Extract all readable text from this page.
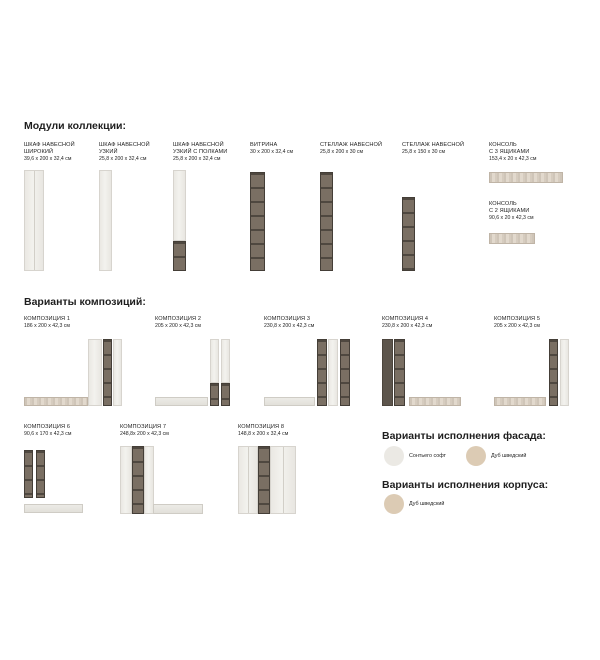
Модули коллекции:
ШКАФ НАВЕСНОЙ
ШИРОКИЙ
39,6 x 200 x 32,4 см
ШКАФ НАВЕСНОЙ
УЗКИЙ
25,8 x 200 x 32,4 см
ШКАФ НАВЕСНОЙ
УЗКИЙ С ПОЛКАМИ
25,8 x 200 x 32,4 см
ВИТРИНА
30 x 200 x 32,4 см
СТЕЛЛАЖ НАВЕСНОЙ
25,8 x 200 x 30 см
СТЕЛЛАЖ НАВЕСНОЙ
25,8 x 150 x 30 см
КОНСОЛЬ
С 3 ЯЩИКАМИ
153,4 x 20 x 42,3 см
КОНСОЛЬ
С 2 ЯЩИКАМИ
90,6 x 20 x 42,3 см
Варианты композиций:
КОМПОЗИЦИЯ 1
186 x 200 x 42,3 см
КОМПОЗИЦИЯ 2
205 x 200 x 42,3 см
КОМПОЗИЦИЯ 3
230,8 x 200 x 42,3 см
КОМПОЗИЦИЯ 4
230,8 x 200 x 42,3 см
КОМПОЗИЦИЯ 5
205 x 200 x 42,3 см
КОМПОЗИЦИЯ 6
90,6 x 170 x 42,3 см
КОМПОЗИЦИЯ 7
248,8x 200 x 42,3 см
КОМПОЗИЦИЯ 8
148,8 x 200 x 32,4 см	Варианты исполнения фасада:
Сонтьего софт	Дуб шведский
Варианты исполнения корпуса:
Дуб шведский
